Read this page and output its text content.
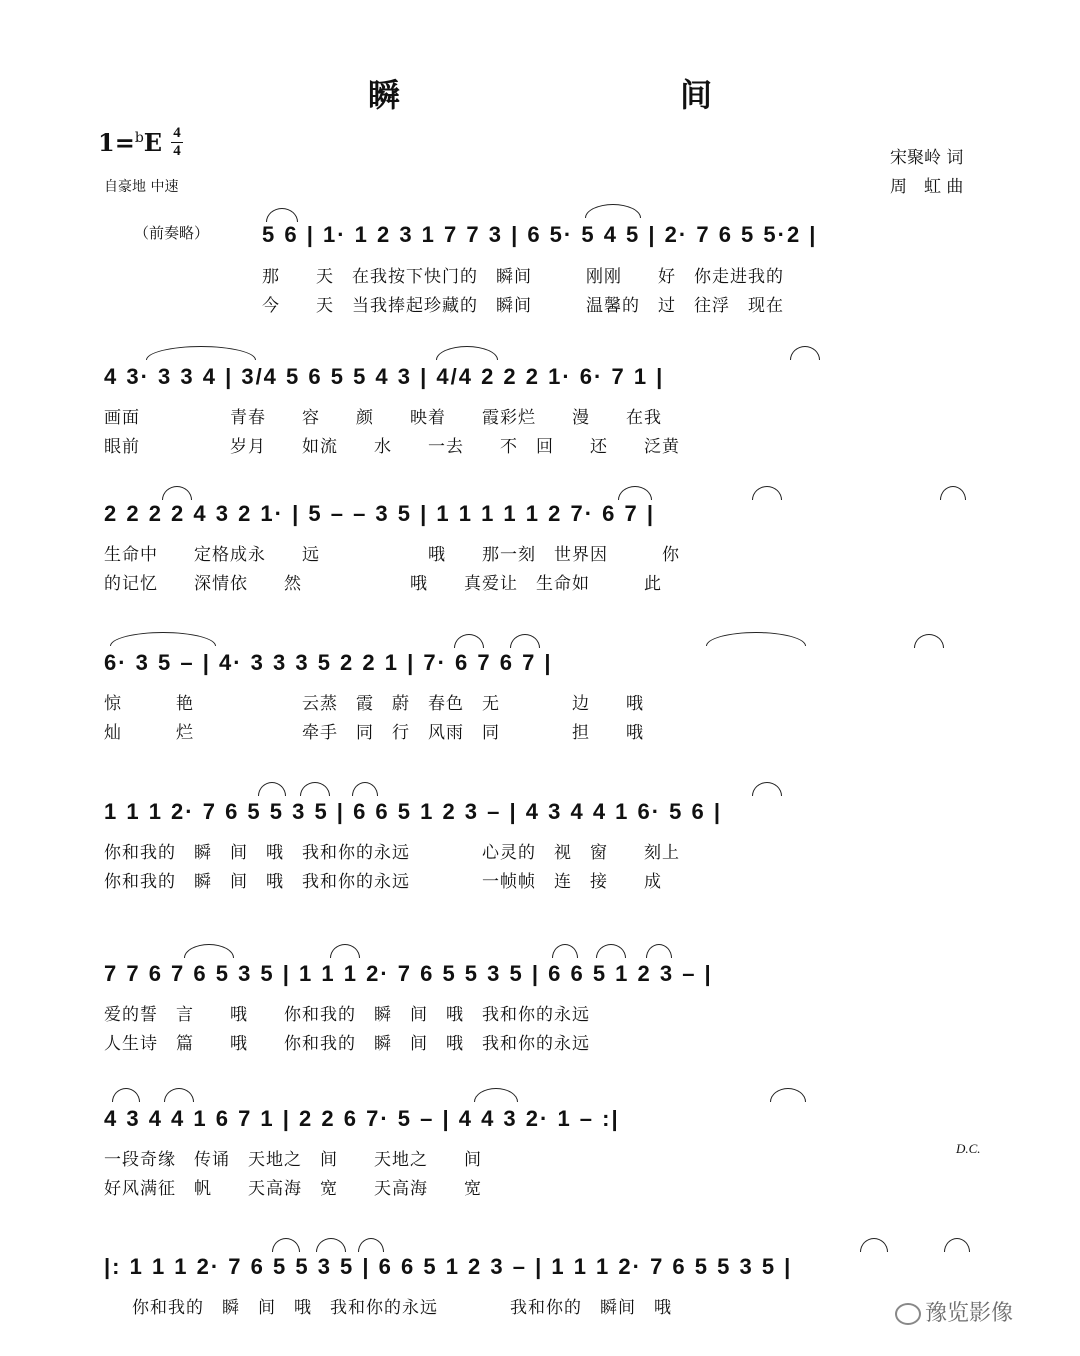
瞬　　间
1=$^b$E 4
4
自豪地 中速
宋聚岭 词
周　虹 曲
（前奏略） 5 6 | 1· 1 2 3 1 7 7 3 | 6 5· 5 4 5 | 2· 7 6 5 5·2 |
那　　天　在我按下快门的　瞬间　　　刚刚　　好　你走进我的
今　　天　当我捧起珍藏的　瞬间　　　温馨的　过　往浮　现在
4 3· 3 3 4 | 3/4 5 6 5 5 4 3 | 4/4 2 2 2 1· 6· 7 1 |
画面　　　　　青春　　容　　颜　　映着　　霞彩烂　　漫　　在我
眼前　　　　　岁月　　如流　　水　　一去　　不　回　　还　　泛黄
2 2 2 2 4 3 2 1· | 5 – – 3 5 | 1 1 1 1 1 2 7· 6 7 |
生命中　　定格成永　　远　　　　　　哦　　那一刻　世界因　　　你
的记忆　　深情依　　然　　　　　　哦　　真爱让　生命如　　　此
6· 3 5 – | 4· 3 3 3 5 2 2 1 | 7· 6 7 6 7 |
惊　　　艳　　　　　　云蒸　霞　蔚　春色　无　　　　边　　哦
灿　　　烂　　　　　　牵手　同　行　风雨　同　　　　担　　哦
1 1 1 2· 7 6 5 5 3 5 | 6 6 5 1 2 3 – | 4 3 4 4 1 6· 5 6 |
你和我的　瞬　间　哦　我和你的永远　　　　心灵的　视　窗　　刻上
你和我的　瞬　间　哦　我和你的永远　　　　一帧帧　连　接　　成
7 7 6 7 6 5 3 5 | 1 1 1 2· 7 6 5 5 3 5 | 6 6 5 1 2 3 – |
爱的誓　言　　哦　　你和我的　瞬　间　哦　我和你的永远
人生诗　篇　　哦　　你和我的　瞬　间　哦　我和你的永远
4 3 4 4 1 6 7 1 | 2 2 6 7· 5 – | 4 4 3 2· 1 – :|
一段奇缘　传诵　天地之　间　　天地之　　间
好风满征　帆　　天高海　宽　　天高海　　宽
D.C.
|: 1 1 1 2· 7 6 5 5 3 5 | 6 6 5 1 2 3 – | 1 1 1 2· 7 6 5 5 3 5 |
你和我的　瞬　间　哦　我和你的永远　　　　我和你的　瞬间　哦	豫览影像
